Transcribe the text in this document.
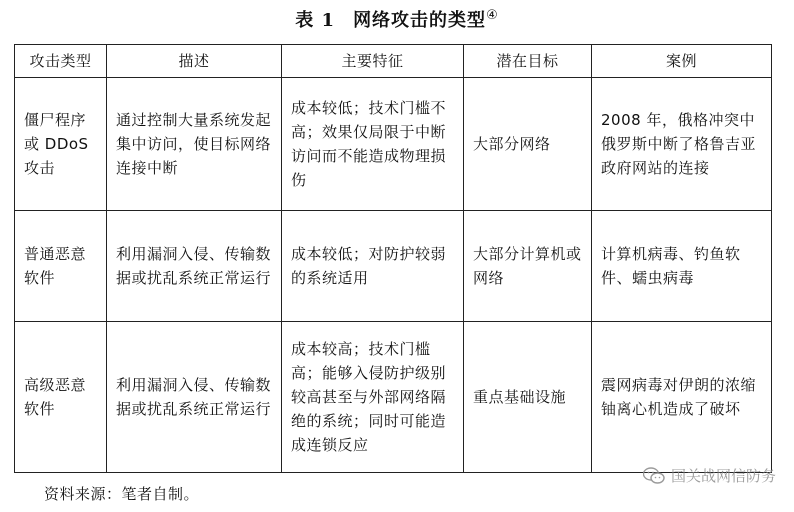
表 1 网络攻击的类型④
攻击类型	描述	主要特征	潜在目标	案例
僵尸程序或 DDoS 攻击	通过控制大量系统发起集中访问，使目标网络连接中断	成本较低；技术门槛不高；效果仅局限于中断访问而不能造成物理损伤	大部分网络	2008 年，俄格冲突中俄罗斯中断了格鲁吉亚政府网站的连接
普通恶意软件	利用漏洞入侵、传输数据或扰乱系统正常运行	成本较低；对防护较弱的系统适用	大部分计算机或网络	计算机病毒、钓鱼软件、蠕虫病毒
高级恶意软件	利用漏洞入侵、传输数据或扰乱系统正常运行	成本较高；技术门槛高；能够入侵防护级别较高甚至与外部网络隔绝的系统；同时可能造成连锁反应	重点基础设施	震网病毒对伊朗的浓缩铀离心机造成了破坏
资料来源：笔者自制。
国关战网信防务
